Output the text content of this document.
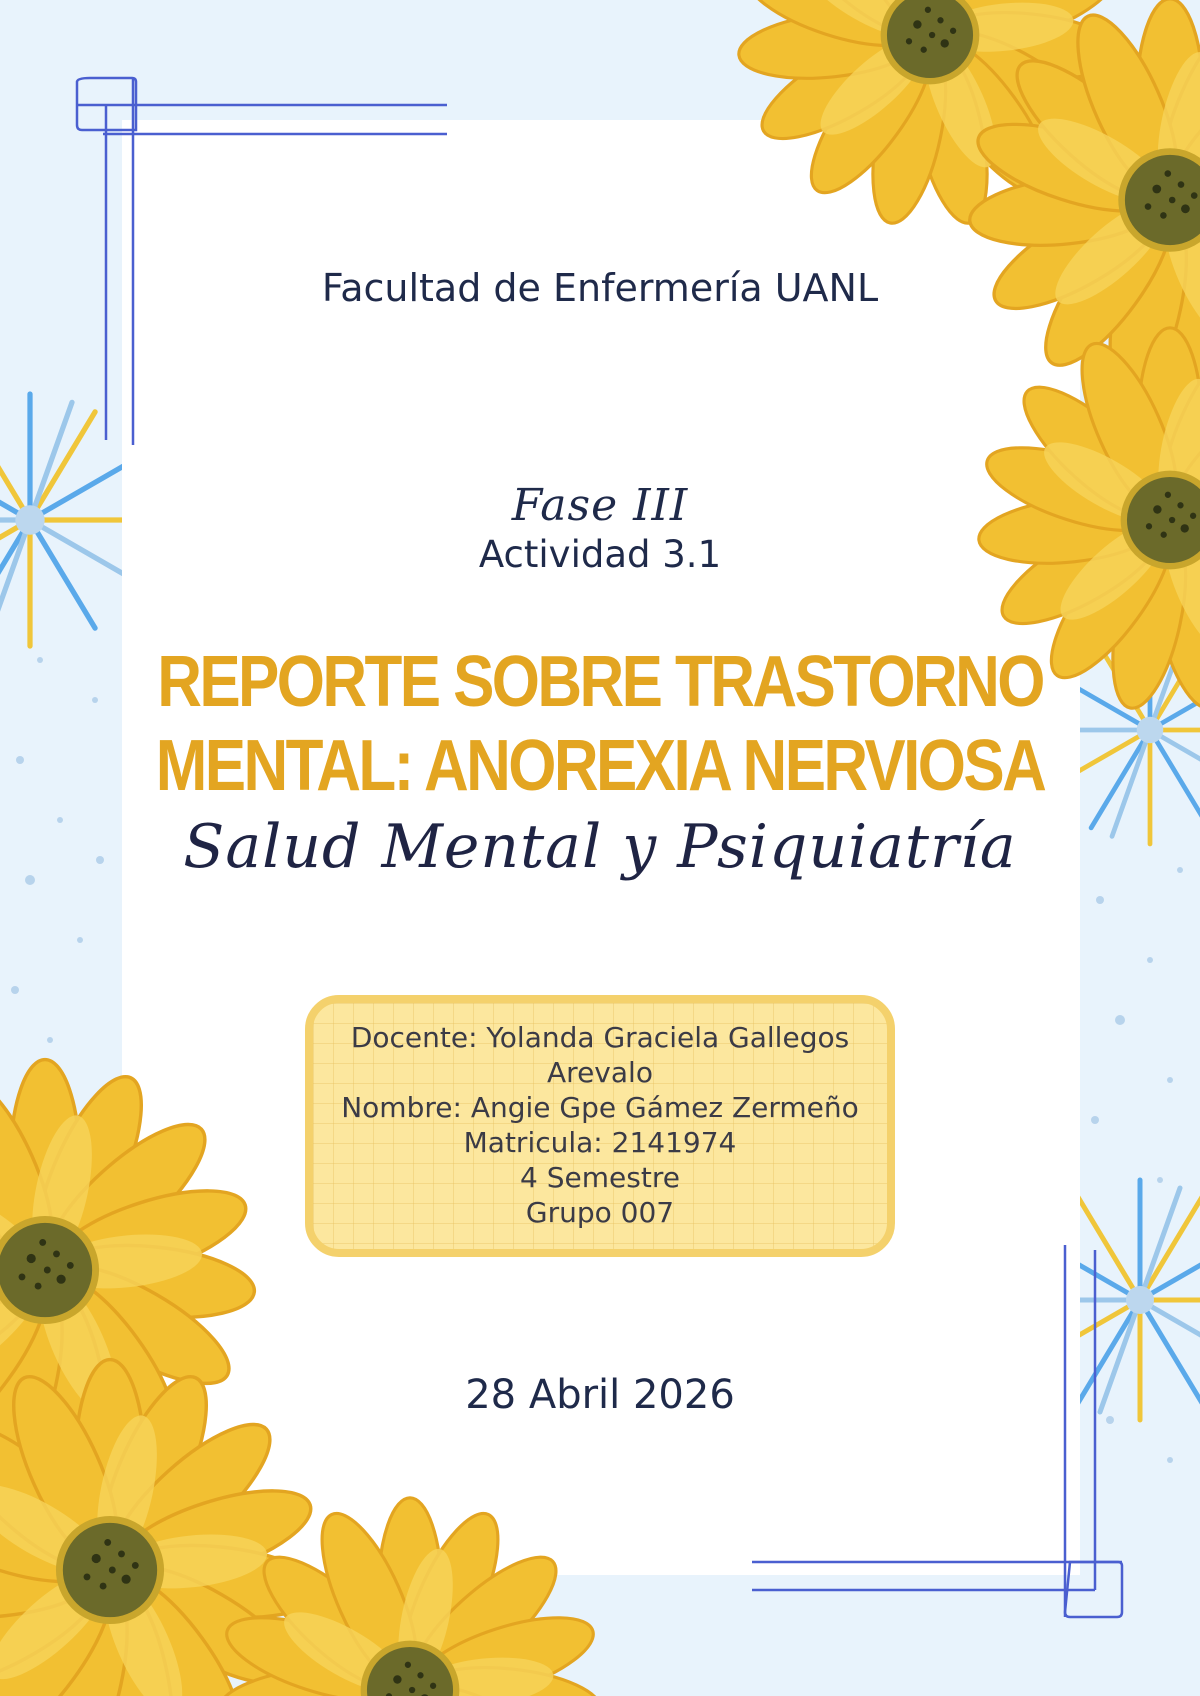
Facultad de Enfermería UANL
Fase III
Actividad 3.1
REPORTE SOBRE TRASTORNO
MENTAL: ANOREXIA NERVIOSA
Salud Mental y Psiquiatría
Docente: Yolanda Graciela Gallegos
Arevalo
Nombre: Angie Gpe Gámez Zermeño
Matricula: 2141974
4 Semestre
Grupo 007
28 Abril 2026
